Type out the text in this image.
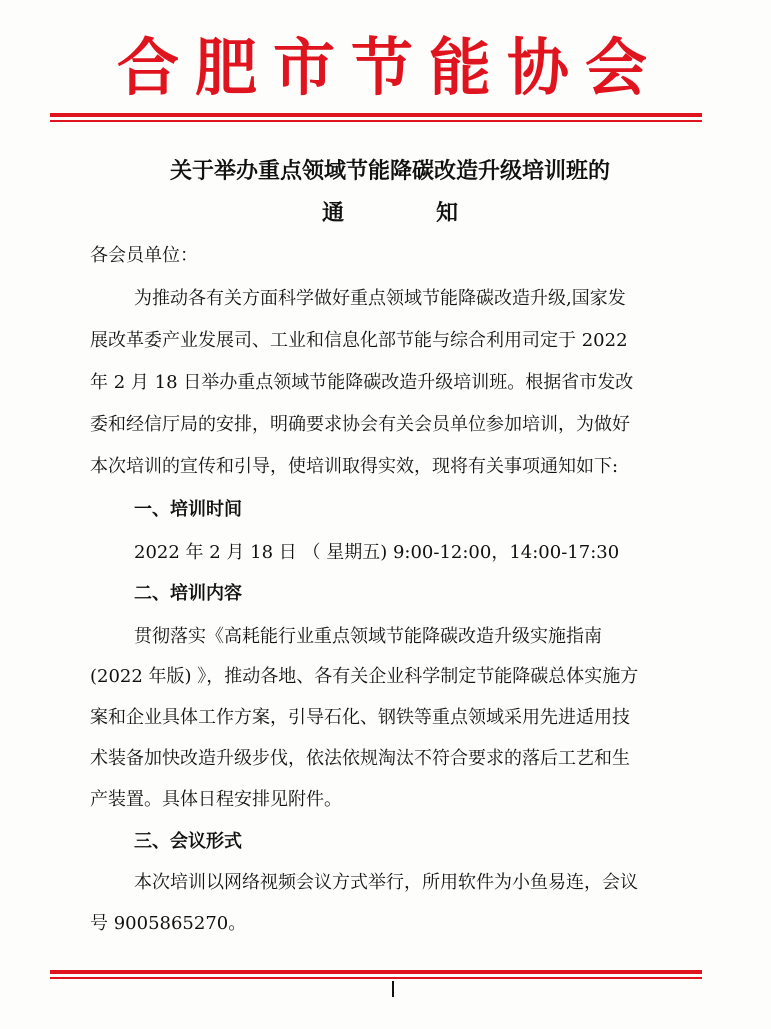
合肥市节能协会
关于举办重点领域节能降碳改造升级培训班的
通	知
各会员单位：
为推动各有关方面科学做好重点领域节能降碳改造升级,国家发
展改革委产业发展司、工业和信息化部节能与综合利用司定于 2022
年 2 月 18 日举办重点领域节能降碳改造升级培训班。根据省市发改
委和经信厅局的安排，明确要求协会有关会员单位参加培训，为做好
本次培训的宣传和引导，使培训取得实效，现将有关事项通知如下:
一、培训时间
2022 年 2 月 18 日 （ 星期五) 9:00-12:00，14:00-17:30
二、培训内容
贯彻落实《高耗能行业重点领域节能降碳改造升级实施指南
(2022 年版) 》，推动各地、各有关企业科学制定节能降碳总体实施方
案和企业具体工作方案，引导石化、钢铁等重点领域采用先进适用技
术装备加快改造升级步伐，依法依规淘汰不符合要求的落后工艺和生
产装置。具体日程安排见附件。
三、会议形式
本次培训以网络视频会议方式举行，所用软件为小鱼易连，会议
号 9005865270。
